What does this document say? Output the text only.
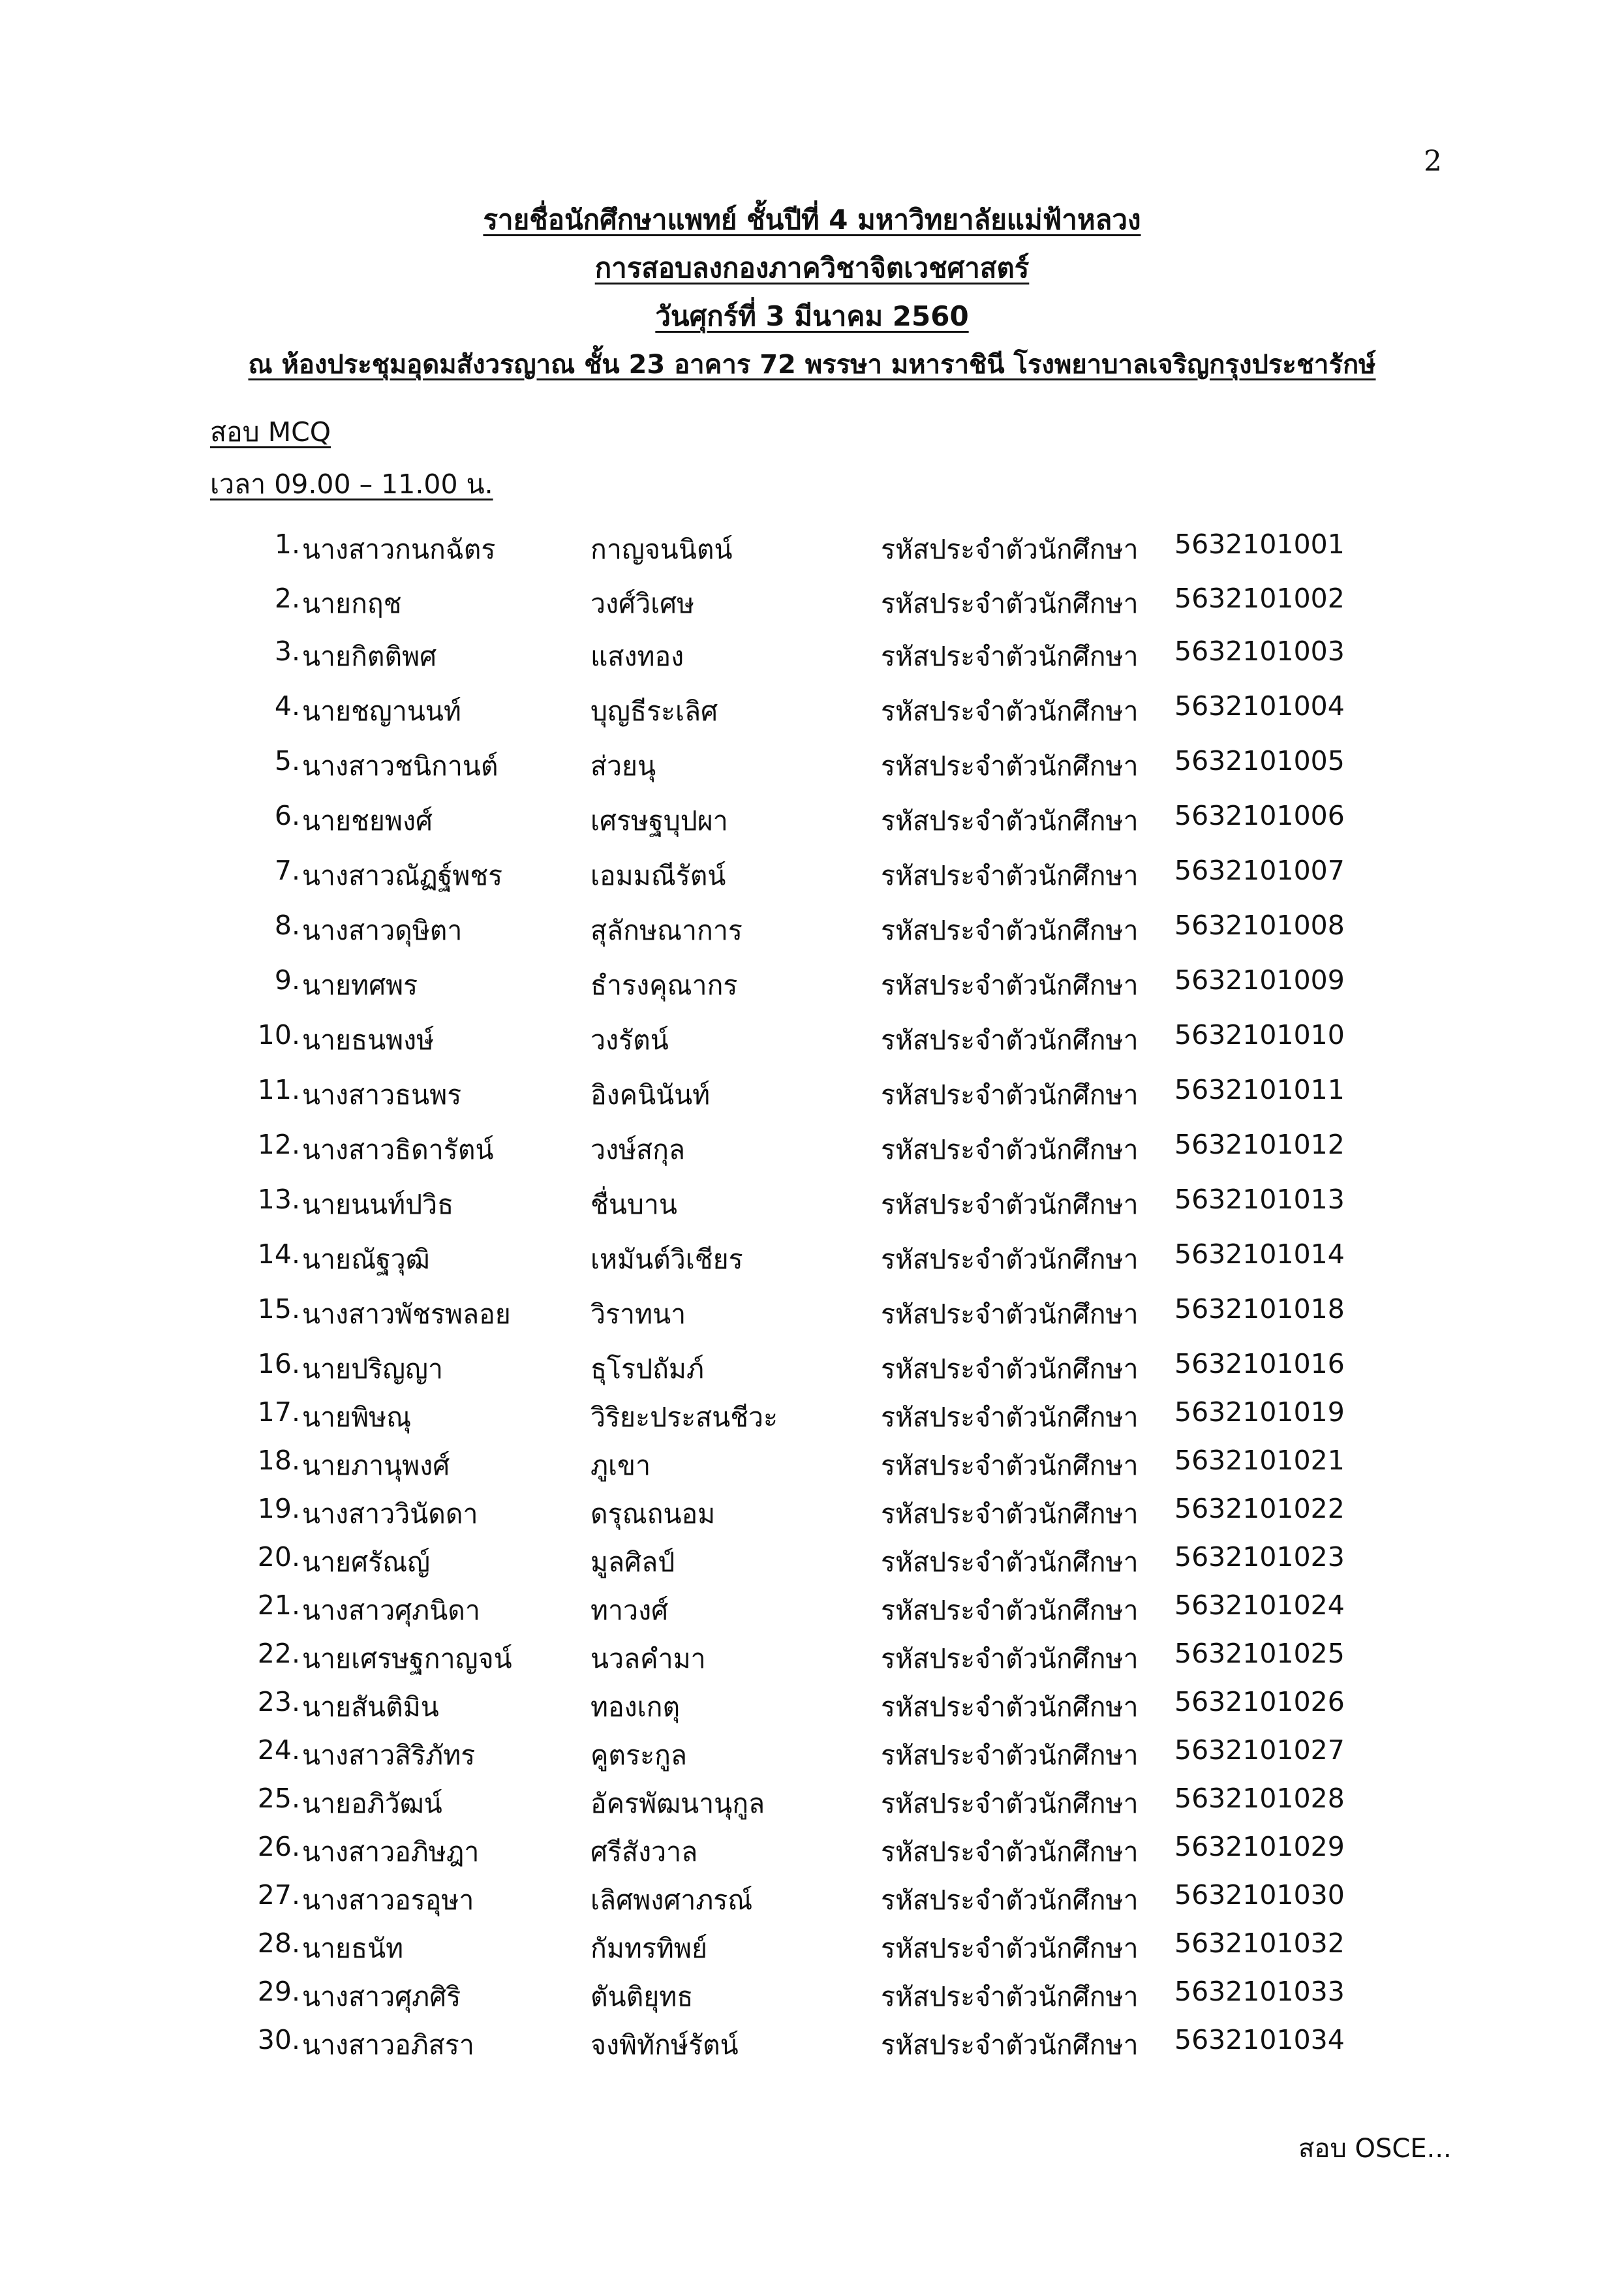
2
รายชื่อนักศึกษาแพทย์ ชั้นปีที่ 4 มหาวิทยาลัยแม่ฟ้าหลวง
การสอบลงกองภาควิชาจิตเวชศาสตร์
วันศุกร์ที่ 3 มีนาคม 2560
ณ ห้องประชุมอุดมสังวรญาณ ชั้น 23 อาคาร 72 พรรษา มหาราชินี โรงพยาบาลเจริญกรุงประชารักษ์
สอบ MCQ
เวลา 09.00 – 11.00 น.
1. นางสาวกนกฉัตร	กาญจนนิตน์	รหัสประจำตัวนักศึกษา 5632101001
2. นายกฤช	วงศ์วิเศษ	รหัสประจำตัวนักศึกษา 5632101002
3. นายกิตติพศ	แสงทอง	รหัสประจำตัวนักศึกษา 5632101003
4. นายชญานนท์	บุญธีระเลิศ	รหัสประจำตัวนักศึกษา 5632101004
5. นางสาวชนิกานต์	ส่วยนุ	รหัสประจำตัวนักศึกษา 5632101005
6. นายชยพงศ์	เศรษฐบุปผา	รหัสประจำตัวนักศึกษา 5632101006
7. นางสาวณัฏฐ์พชร	เอมมณีรัตน์	รหัสประจำตัวนักศึกษา 5632101007
8. นางสาวดุษิตา	สุลักษณาการ	รหัสประจำตัวนักศึกษา 5632101008
9. นายทศพร	ธำรงคุณากร	รหัสประจำตัวนักศึกษา 5632101009
10. นายธนพงษ์	วงรัตน์	รหัสประจำตัวนักศึกษา 5632101010
11. นางสาวธนพร	อิงคนินันท์	รหัสประจำตัวนักศึกษา 5632101011
12. นางสาวธิดารัตน์	วงษ์สกุล	รหัสประจำตัวนักศึกษา 5632101012
13. นายนนท์ปวิธ	ชื่นบาน	รหัสประจำตัวนักศึกษา 5632101013
14. นายณัฐวุฒิ	เหมันต์วิเชียร	รหัสประจำตัวนักศึกษา 5632101014
15. นางสาวพัชรพลอย	วิราทนา	รหัสประจำตัวนักศึกษา 5632101018
16. นายปริญญา	ธุโรปถัมภ์	รหัสประจำตัวนักศึกษา 5632101016
17. นายพิษณุ	วิริยะประสนชีวะ	รหัสประจำตัวนักศึกษา 5632101019
18. นายภานุพงศ์	ภูเขา	รหัสประจำตัวนักศึกษา 5632101021
19. นางสาววินัดดา	ดรุณถนอม	รหัสประจำตัวนักศึกษา 5632101022
20. นายศรัณญ์	มูลศิลป์	รหัสประจำตัวนักศึกษา 5632101023
21. นางสาวศุภนิดา	ทาวงศ์	รหัสประจำตัวนักศึกษา 5632101024
22. นายเศรษฐกาญจน์	นวลคำมา	รหัสประจำตัวนักศึกษา 5632101025
23. นายสันติมิน	ทองเกตุ	รหัสประจำตัวนักศึกษา 5632101026
24. นางสาวสิริภัทร	คูตระกูล	รหัสประจำตัวนักศึกษา 5632101027
25. นายอภิวัฒน์	อัครพัฒนานุกูล	รหัสประจำตัวนักศึกษา 5632101028
26. นางสาวอภิษฎา	ศรีสังวาล	รหัสประจำตัวนักศึกษา 5632101029
27. นางสาวอรอุษา	เลิศพงศาภรณ์	รหัสประจำตัวนักศึกษา 5632101030
28. นายธนัท	กัมทรทิพย์	รหัสประจำตัวนักศึกษา 5632101032
29. นางสาวศุภศิริ	ตันติยุทธ	รหัสประจำตัวนักศึกษา 5632101033
30. นางสาวอภิสรา	จงพิทักษ์รัตน์	รหัสประจำตัวนักศึกษา 5632101034
สอบ OSCE...
